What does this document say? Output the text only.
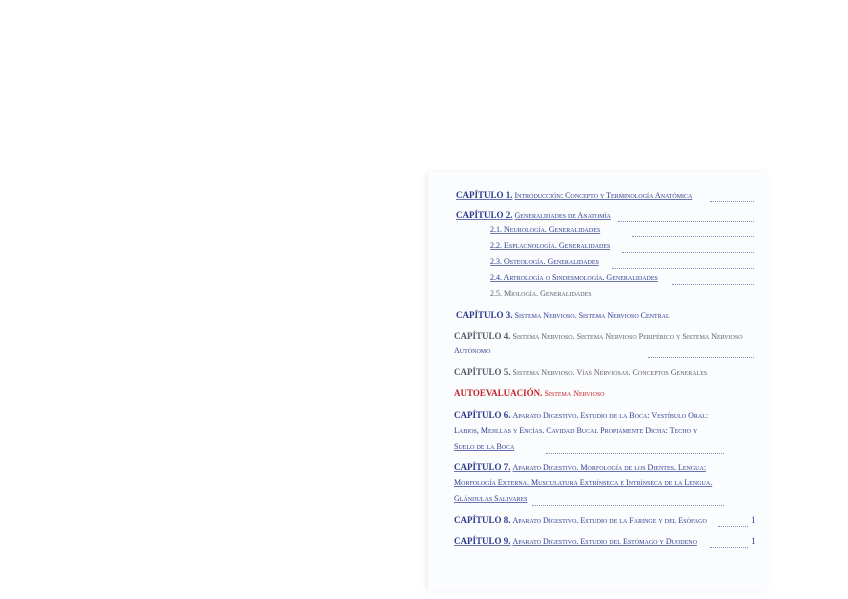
CAPÍTULO 1. Introducción: Concepto y Terminología Anatómica
CAPÍTULO 2. Generalidades de Anatomía
2.1. Neurología. Generalidades
2.2. Esplacnología. Generalidades
2.3. Osteología. Generalidades
2.4. Artrología o Sindesmología. Generalidades
2.5. Miología. Generalidades
CAPÍTULO 3. Sistema Nervioso. Sistema Nervioso Central
CAPÍTULO 4. Sistema Nervioso. Sistema Nervioso Periférico y Sistema Nervioso
Autónomo
CAPÍTULO 5. Sistema Nervioso. Vías Nerviosas. Conceptos Generales
AUTOEVALUACIÓN. Sistema Nervioso
CAPÍTULO 6. Aparato Digestivo. Estudio de la Boca: Vestíbulo Oral:
Labios, Mejillas y Encías. Cavidad Bucal Propiamente Dicha: Techo y
Suelo de la Boca
CAPÍTULO 7. Aparato Digestivo. Morfología de los Dientes. Lengua:
Morfología Externa. Musculatura Extrínseca e Intrínseca de la Lengua.
Glándulas Salivares
CAPÍTULO 8. Aparato Digestivo. Estudio de la Faringe y del Esófago	1
CAPÍTULO 9. Aparato Digestivo. Estudio del Estómago y Duodeno	1
